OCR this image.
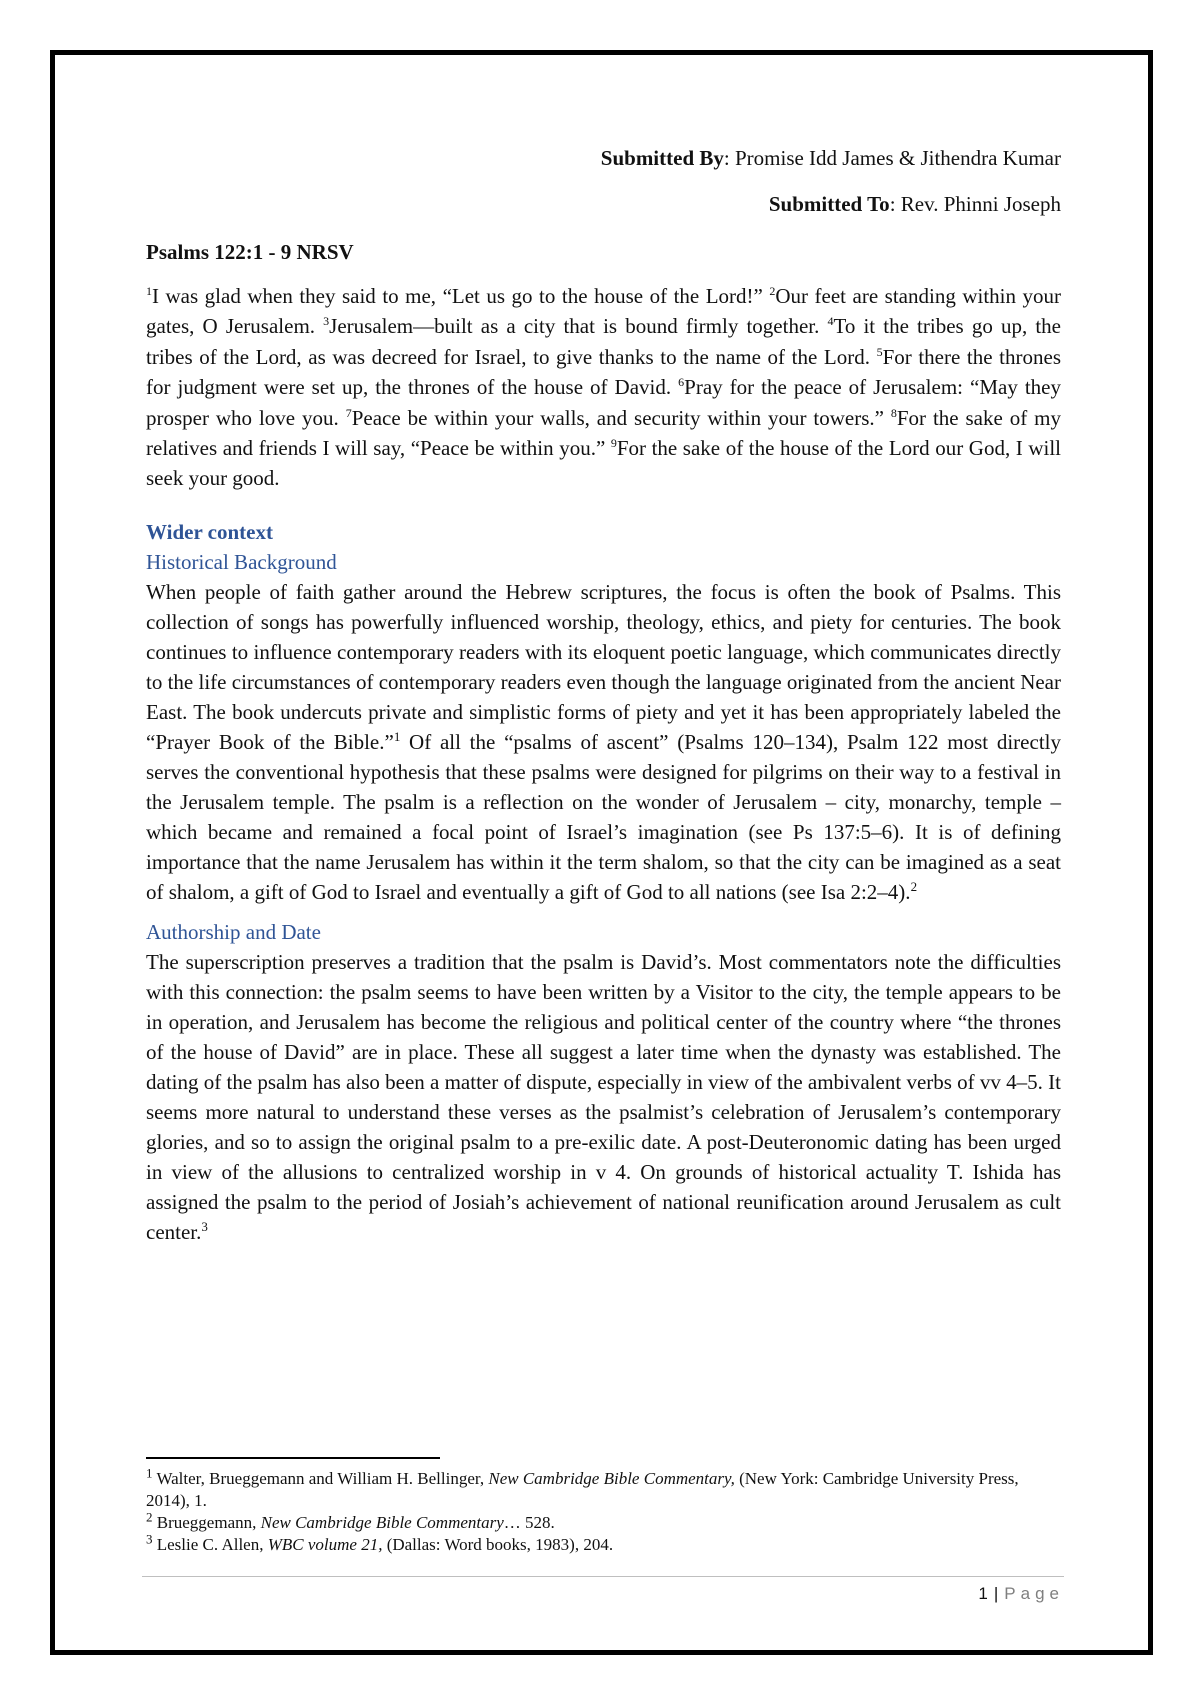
Submitted By: Promise Idd James & Jithendra Kumar
Submitted To: Rev. Phinni Joseph
Psalms 122:1 - 9 NRSV
$^1$I was glad when they said to me, “Let us go to the house of the Lord!” $^2$Our feet are standing within your gates, O Jerusalem. $^3$Jerusalem—built as a city that is bound firmly together. $^4$To it the tribes go up, the tribes of the Lord, as was decreed for Israel, to give thanks to the name of the Lord. $^5$For there the thrones for judgment were set up, the thrones of the house of David. $^6$Pray for the peace of Jerusalem: “May they prosper who love you. $^7$Peace be within your walls, and security within your towers.” $^8$For the sake of my relatives and friends I will say, “Peace be within you.” $^9$For the sake of the house of the Lord our God, I will seek your good.
Wider context
Historical Background
When people of faith gather around the Hebrew scriptures, the focus is often the book of Psalms. This collection of songs has powerfully influenced worship, theology, ethics, and piety for centuries. The book continues to influence contemporary readers with its eloquent poetic language, which communicates directly to the life circumstances of contemporary readers even though the language originated from the ancient Near East. The book undercuts private and simplistic forms of piety and yet it has been appropriately labeled the “Prayer Book of the Bible.”$^1$ Of all the “psalms of ascent” (Psalms 120–134), Psalm 122 most directly serves the conventional hypothesis that these psalms were designed for pilgrims on their way to a festival in the Jerusalem temple. The psalm is a reflection on the wonder of Jerusalem – city, monarchy, temple – which became and remained a focal point of Israel’s imagination (see Ps 137:5–6). It is of defining importance that the name Jerusalem has within it the term shalom, so that the city can be imagined as a seat of shalom, a gift of God to Israel and eventually a gift of God to all nations (see Isa 2:2–4).$^2$
Authorship and Date
The superscription preserves a tradition that the psalm is David’s. Most commentators note the difficulties with this connection: the psalm seems to have been written by a Visitor to the city, the temple appears to be in operation, and Jerusalem has become the religious and political center of the country where “the thrones of the house of David” are in place. These all suggest a later time when the dynasty was established. The dating of the psalm has also been a matter of dispute, especially in view of the ambivalent verbs of vv 4–5. It seems more natural to understand these verses as the psalmist’s celebration of Jerusalem’s contemporary glories, and so to assign the original psalm to a pre-exilic date. A post-Deuteronomic dating has been urged in view of the allusions to centralized worship in v 4. On grounds of historical actuality T. Ishida has assigned the psalm to the period of Josiah’s achievement of national reunification around Jerusalem as cult center.$^3$
$^1$ Walter, Brueggemann and William H. Bellinger, New Cambridge Bible Commentary, (New York: Cambridge University Press, 2014), 1.
$^2$ Brueggemann, New Cambridge Bible Commentary… 528.
$^3$ Leslie C. Allen, WBC volume 21, (Dallas: Word books, 1983), 204.
1 | Page
